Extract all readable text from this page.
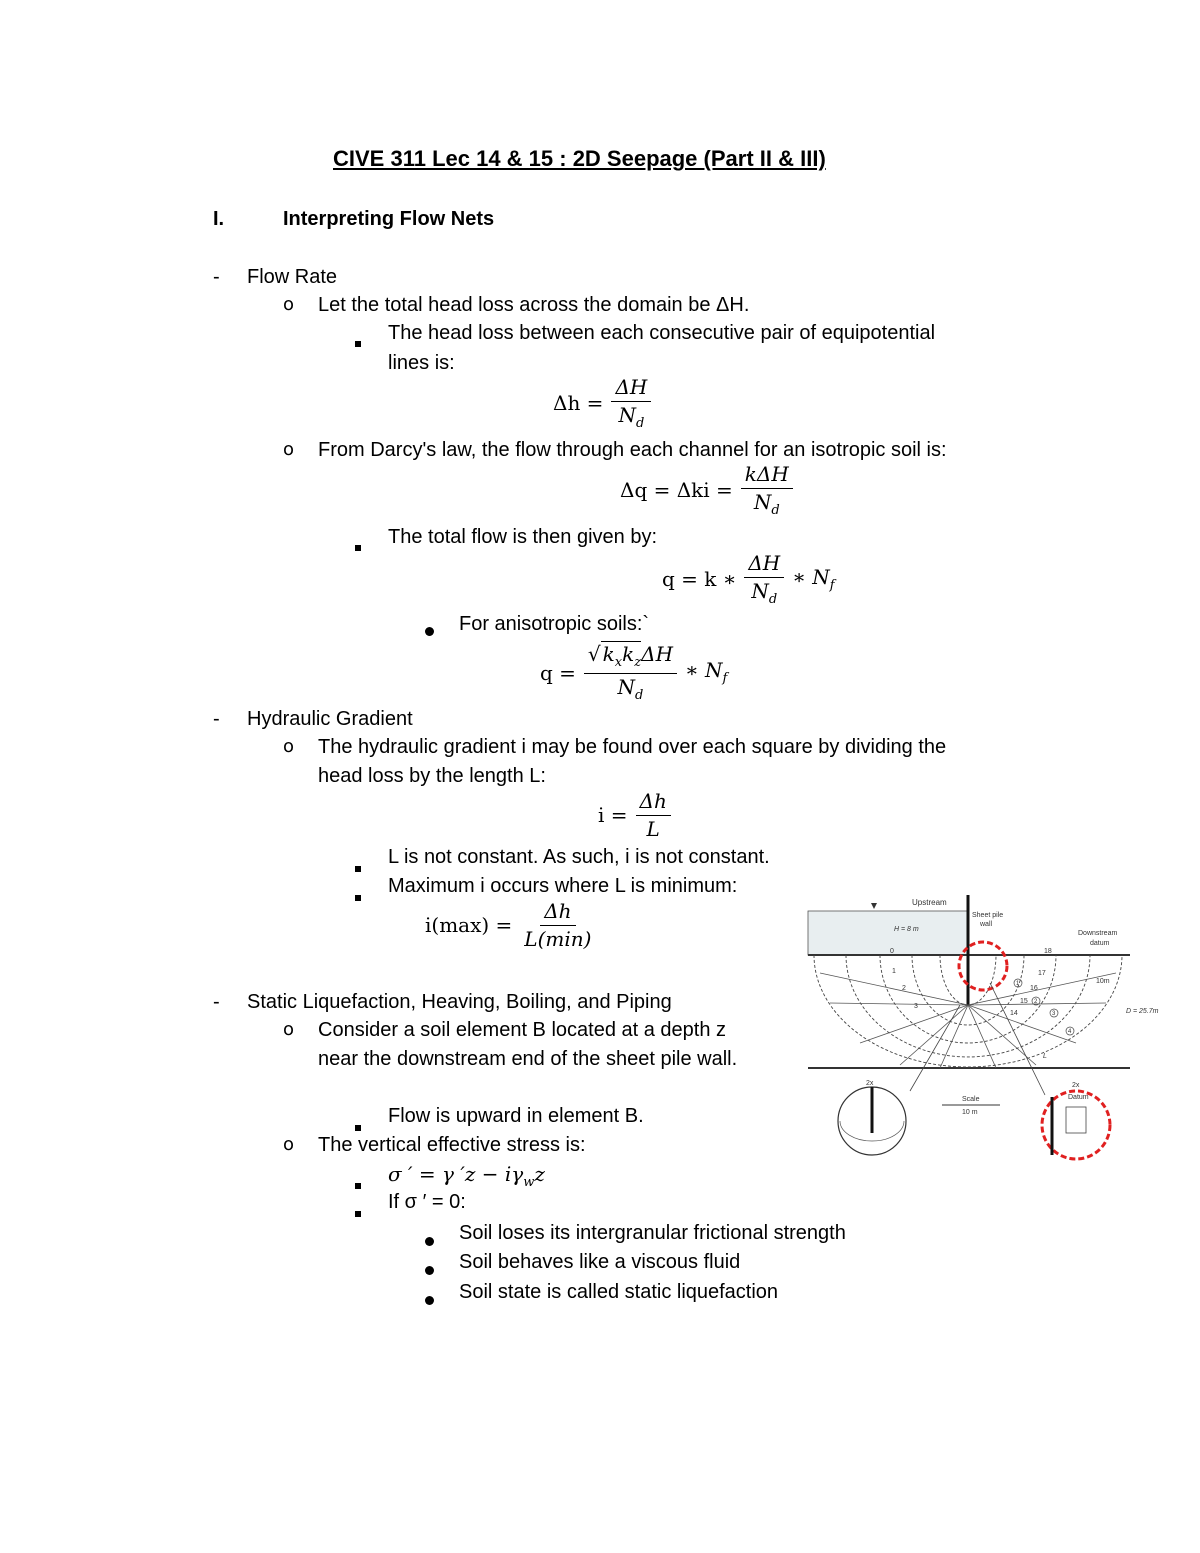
CIVE 311 Lec 14 & 15 : 2D Seepage (Part II & III)
I.	Interpreting Flow Nets
- Flow Rate
o Let the total head loss across the domain be ΔH.
The head loss between each consecutive pair of equipotential
lines is:
$\Delta h = \frac{\Delta H}{N_d}$
o From Darcy's law, the flow through each channel for an isotropic soil is:
$\Delta q = \Delta ki = \frac{\text{kΔH}}{N_d}$
The total flow is then given by:
q = k ∗ $\frac{\Delta H}{N_d}$ ∗ $N_f$
For anisotropic soils:`
$q = \frac{√ k_xk_z\Delta H}{N_d}$ ∗ $N_f$
- Hydraulic Gradient
o The hydraulic gradient i may be found over each square by dividing the
head loss by the length L:
$i = \frac{\Delta h}{L}$
L is not constant. As such, i is not constant.
Maximum i occurs where L is minimum:
$i(\max) = \frac{\Delta h}{L(\min)}$
- Static Liquefaction, Heaving, Boiling, and Piping
o Consider a soil element B located at a depth z
near the downstream end of the sheet pile wall.
Flow is upward in element B.
o The vertical effective stress is:
σ ′ = γ $'z - i\gamma_wz$
If σ ′ = 0:
Soil loses its intergranular frictional strength
Soil behaves like a viscous fluid
Soil state is called static liquefaction
Upstream
Sheet pile
wall
Downstream
datum
H = 8 m
D = 25.7m
10m
0	18
1
2
3
17
16
15
14
L
1
2
3
4
2x
Scale
10 m
Datum
2x
